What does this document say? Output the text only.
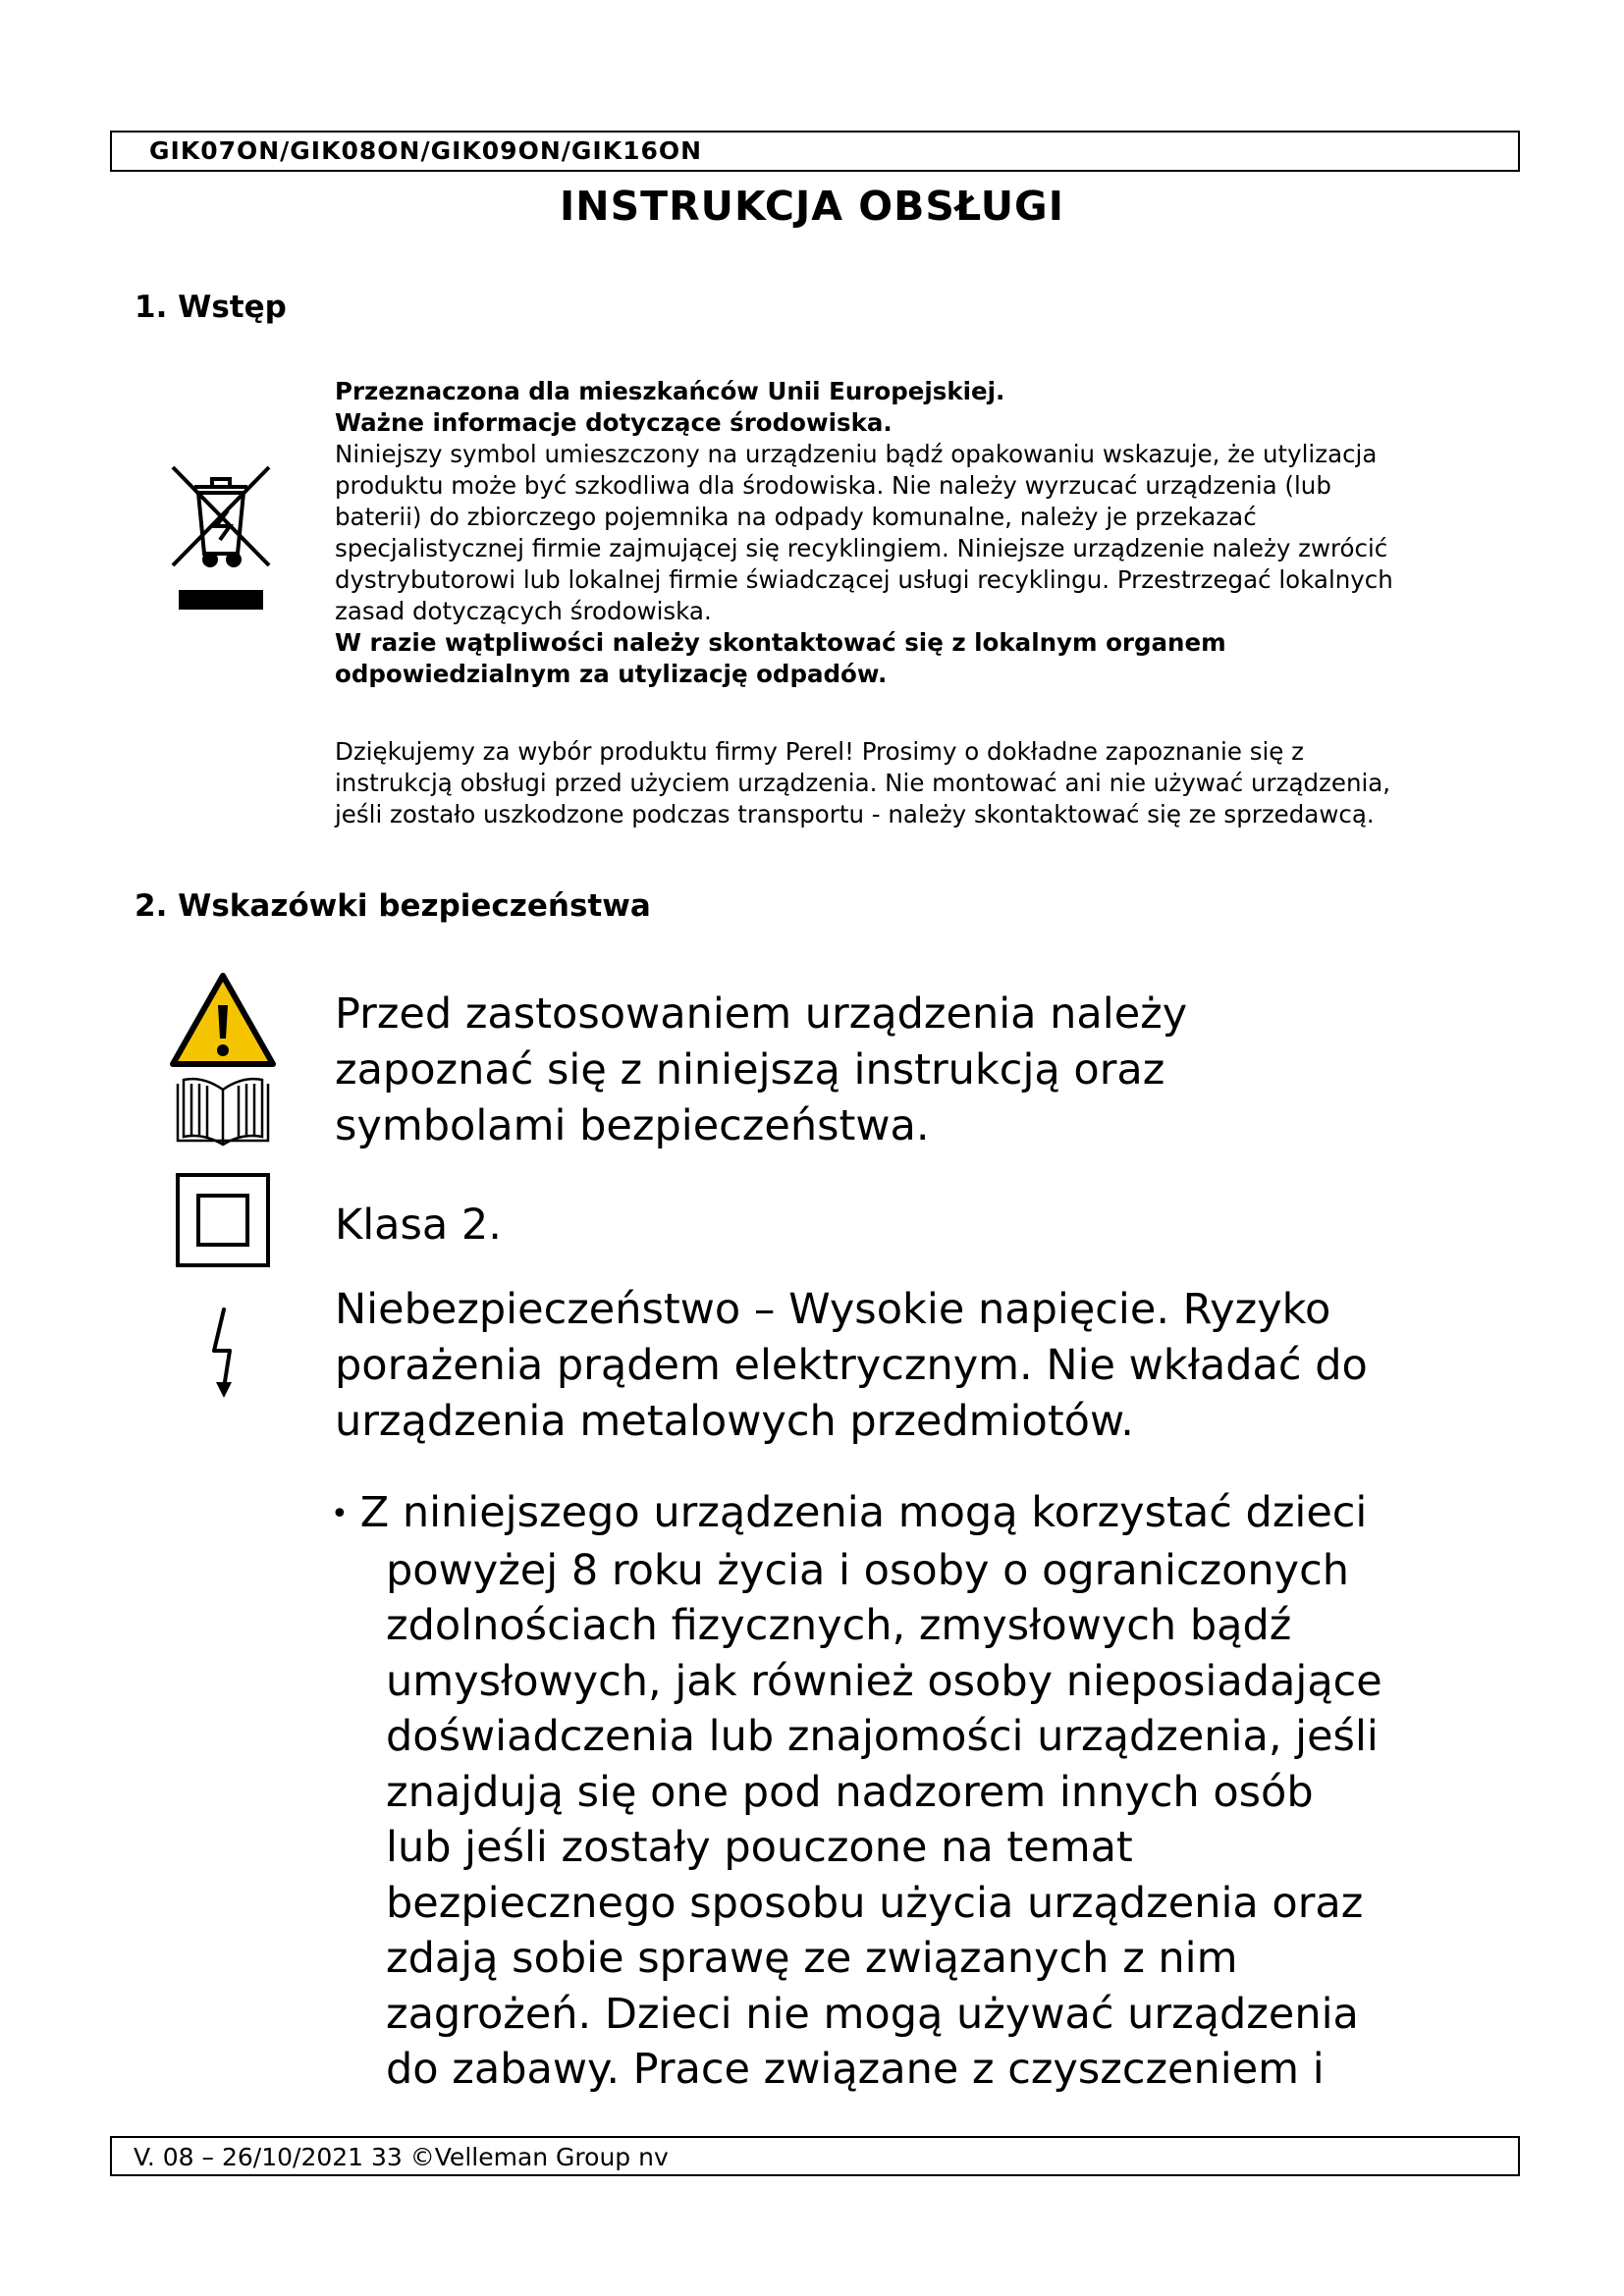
GIK07ON/GIK08ON/GIK09ON/GIK16ON
INSTRUKCJA OBSŁUGI
1. Wstęp

Przeznaczona dla mieszkańców Unii Europejskiej.

Ważne informacje dotyczące środowiska.

Niniejszy symbol umieszczony na urządzeniu bądź opakowaniu wskazuje, że utylizacja

produktu może być szkodliwa dla środowiska. Nie należy wyrzucać urządzenia (lub

baterii) do zbiorczego pojemnika na odpady komunalne, należy je przekazać

specjalistycznej firmie zajmującej się recyklingiem. Niniejsze urządzenie należy zwrócić

dystrybutorowi lub lokalnej firmie świadczącej usługi recyklingu. Przestrzegać lokalnych

zasad dotyczących środowiska.

W razie wątpliwości należy skontaktować się z lokalnym organem

odpowiedzialnym za utylizację odpadów.

Dziękujemy za wybór produktu firmy Perel! Prosimy o dokładne zapoznanie się z
instrukcją obsługi przed użyciem urządzenia. Nie montować ani nie używać urządzenia,
jeśli zostało uszkodzone podczas transportu - należy skontaktować się ze sprzedawcą.
2. Wskazówki bezpieczeństwa
Przed zastosowaniem urządzenia należy
zapoznać się z niniejszą instrukcją oraz
symbolami bezpieczeństwa.
Klasa 2.
Niebezpieczeństwo – Wysokie napięcie. Ryzyko
porażenia prądem elektrycznym. Nie wkładać do
urządzenia metalowych przedmiotów.
• Z niniejszego urządzenia mogą korzystać dzieci
powyżej 8 roku życia i osoby o ograniczonych
zdolnościach fizycznych, zmysłowych bądź
umysłowych, jak również osoby nieposiadające
doświadczenia lub znajomości urządzenia, jeśli
znajdują się one pod nadzorem innych osób
lub jeśli zostały pouczone na temat
bezpiecznego sposobu użycia urządzenia oraz
zdają sobie sprawę ze związanych z nim
zagrożeń. Dzieci nie mogą używać urządzenia
do zabawy. Prace związane z czyszczeniem i
V. 08 – 26/10/2021 33 ©Velleman Group nv
